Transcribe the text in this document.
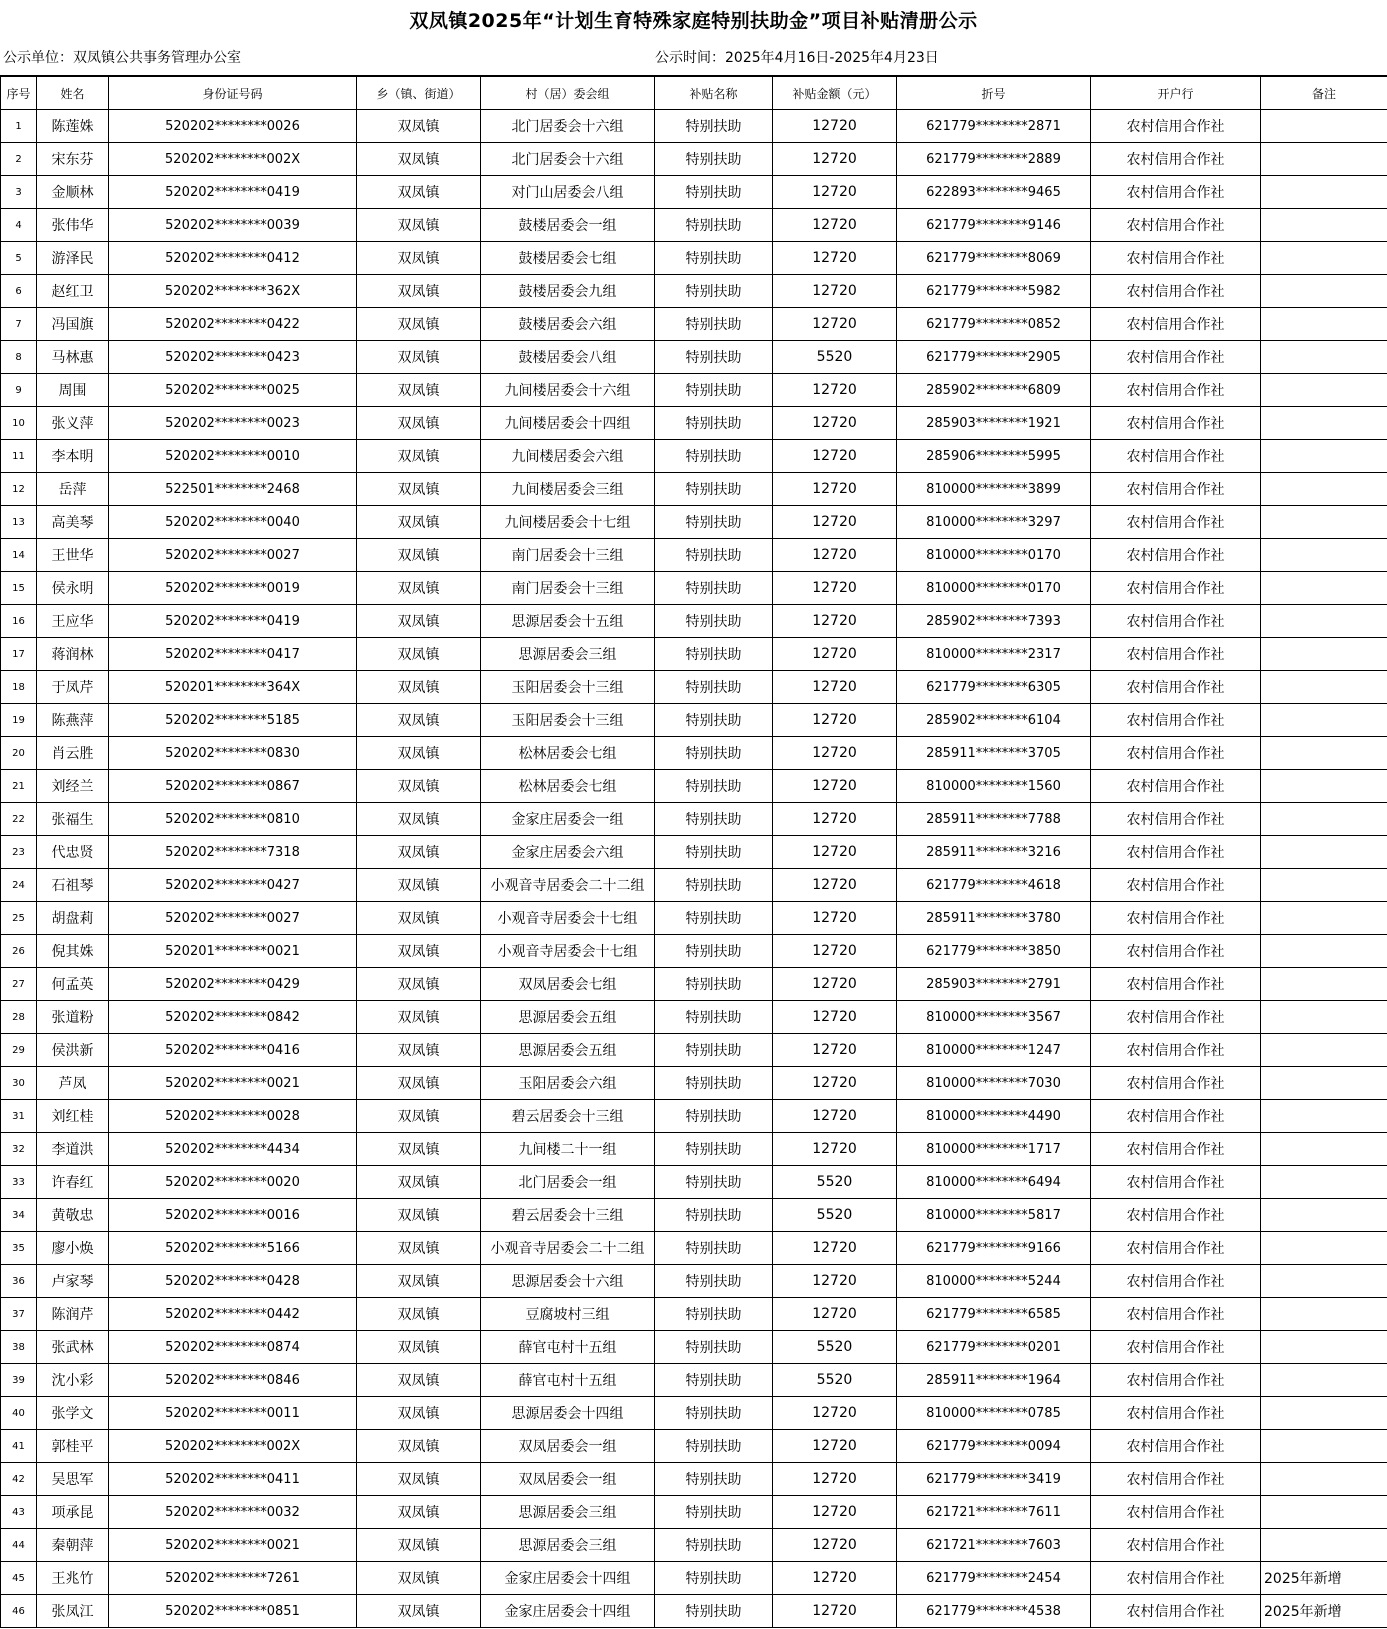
双凤镇2025年“计划生育特殊家庭特别扶助金”项目补贴清册公示
公示单位：双凤镇公共事务管理办公室	公示时间：2025年4月16日-2025年4月23日
序号	姓名	身份证号码	乡（镇、街道）	村（居）委会组	补贴名称	补贴金额（元）	折号	开户行	备注
1	陈莲姝	520202********0026	双凤镇	北门居委会十六组	特别扶助	12720	621779********2871	农村信用合作社	
2	宋东芬	520202********002X	双凤镇	北门居委会十六组	特别扶助	12720	621779********2889	农村信用合作社	
3	金顺林	520202********0419	双凤镇	对门山居委会八组	特别扶助	12720	622893********9465	农村信用合作社	
4	张伟华	520202********0039	双凤镇	鼓楼居委会一组	特别扶助	12720	621779********9146	农村信用合作社	
5	游泽民	520202********0412	双凤镇	鼓楼居委会七组	特别扶助	12720	621779********8069	农村信用合作社	
6	赵红卫	520202********362X	双凤镇	鼓楼居委会九组	特别扶助	12720	621779********5982	农村信用合作社	
7	冯国旗	520202********0422	双凤镇	鼓楼居委会六组	特别扶助	12720	621779********0852	农村信用合作社	
8	马林惠	520202********0423	双凤镇	鼓楼居委会八组	特别扶助	5520	621779********2905	农村信用合作社	
9	周围	520202********0025	双凤镇	九间楼居委会十六组	特别扶助	12720	285902********6809	农村信用合作社	
10	张义萍	520202********0023	双凤镇	九间楼居委会十四组	特别扶助	12720	285903********1921	农村信用合作社	
11	李本明	520202********0010	双凤镇	九间楼居委会六组	特别扶助	12720	285906********5995	农村信用合作社	
12	岳萍	522501********2468	双凤镇	九间楼居委会三组	特别扶助	12720	810000********3899	农村信用合作社	
13	高美琴	520202********0040	双凤镇	九间楼居委会十七组	特别扶助	12720	810000********3297	农村信用合作社	
14	王世华	520202********0027	双凤镇	南门居委会十三组	特别扶助	12720	810000********0170	农村信用合作社	
15	侯永明	520202********0019	双凤镇	南门居委会十三组	特别扶助	12720	810000********0170	农村信用合作社	
16	王应华	520202********0419	双凤镇	思源居委会十五组	特别扶助	12720	285902********7393	农村信用合作社	
17	蒋润林	520202********0417	双凤镇	思源居委会三组	特别扶助	12720	810000********2317	农村信用合作社	
18	于凤芹	520201********364X	双凤镇	玉阳居委会十三组	特别扶助	12720	621779********6305	农村信用合作社	
19	陈燕萍	520202********5185	双凤镇	玉阳居委会十三组	特别扶助	12720	285902********6104	农村信用合作社	
20	肖云胜	520202********0830	双凤镇	松林居委会七组	特别扶助	12720	285911********3705	农村信用合作社	
21	刘经兰	520202********0867	双凤镇	松林居委会七组	特别扶助	12720	810000********1560	农村信用合作社	
22	张福生	520202********0810	双凤镇	金家庄居委会一组	特别扶助	12720	285911********7788	农村信用合作社	
23	代忠贤	520202********7318	双凤镇	金家庄居委会六组	特别扶助	12720	285911********3216	农村信用合作社	
24	石祖琴	520202********0427	双凤镇	小观音寺居委会二十二组	特别扶助	12720	621779********4618	农村信用合作社	
25	胡盘莉	520202********0027	双凤镇	小观音寺居委会十七组	特别扶助	12720	285911********3780	农村信用合作社	
26	倪其姝	520201********0021	双凤镇	小观音寺居委会十七组	特别扶助	12720	621779********3850	农村信用合作社	
27	何孟英	520202********0429	双凤镇	双凤居委会七组	特别扶助	12720	285903********2791	农村信用合作社	
28	张道粉	520202********0842	双凤镇	思源居委会五组	特别扶助	12720	810000********3567	农村信用合作社	
29	侯洪新	520202********0416	双凤镇	思源居委会五组	特别扶助	12720	810000********1247	农村信用合作社	
30	芦凤	520202********0021	双凤镇	玉阳居委会六组	特别扶助	12720	810000********7030	农村信用合作社	
31	刘红桂	520202********0028	双凤镇	碧云居委会十三组	特别扶助	12720	810000********4490	农村信用合作社	
32	李道洪	520202********4434	双凤镇	九间楼二十一组	特别扶助	12720	810000********1717	农村信用合作社	
33	许春红	520202********0020	双凤镇	北门居委会一组	特别扶助	5520	810000********6494	农村信用合作社	
34	黄敬忠	520202********0016	双凤镇	碧云居委会十三组	特别扶助	5520	810000********5817	农村信用合作社	
35	廖小焕	520202********5166	双凤镇	小观音寺居委会二十二组	特别扶助	12720	621779********9166	农村信用合作社	
36	卢家琴	520202********0428	双凤镇	思源居委会十六组	特别扶助	12720	810000********5244	农村信用合作社	
37	陈润芹	520202********0442	双凤镇	豆腐坡村三组	特别扶助	12720	621779********6585	农村信用合作社	
38	张武林	520202********0874	双凤镇	薛官屯村十五组	特别扶助	5520	621779********0201	农村信用合作社	
39	沈小彩	520202********0846	双凤镇	薛官屯村十五组	特别扶助	5520	285911********1964	农村信用合作社	
40	张学文	520202********0011	双凤镇	思源居委会十四组	特别扶助	12720	810000********0785	农村信用合作社	
41	郭桂平	520202********002X	双凤镇	双凤居委会一组	特别扶助	12720	621779********0094	农村信用合作社	
42	吴思军	520202********0411	双凤镇	双凤居委会一组	特别扶助	12720	621779********3419	农村信用合作社	
43	项承昆	520202********0032	双凤镇	思源居委会三组	特别扶助	12720	621721********7611	农村信用合作社	
44	秦朝萍	520202********0021	双凤镇	思源居委会三组	特别扶助	12720	621721********7603	农村信用合作社	
45	王兆竹	520202********7261	双凤镇	金家庄居委会十四组	特别扶助	12720	621779********2454	农村信用合作社	2025年新增
46	张凤江	520202********0851	双凤镇	金家庄居委会十四组	特别扶助	12720	621779********4538	农村信用合作社	2025年新增
